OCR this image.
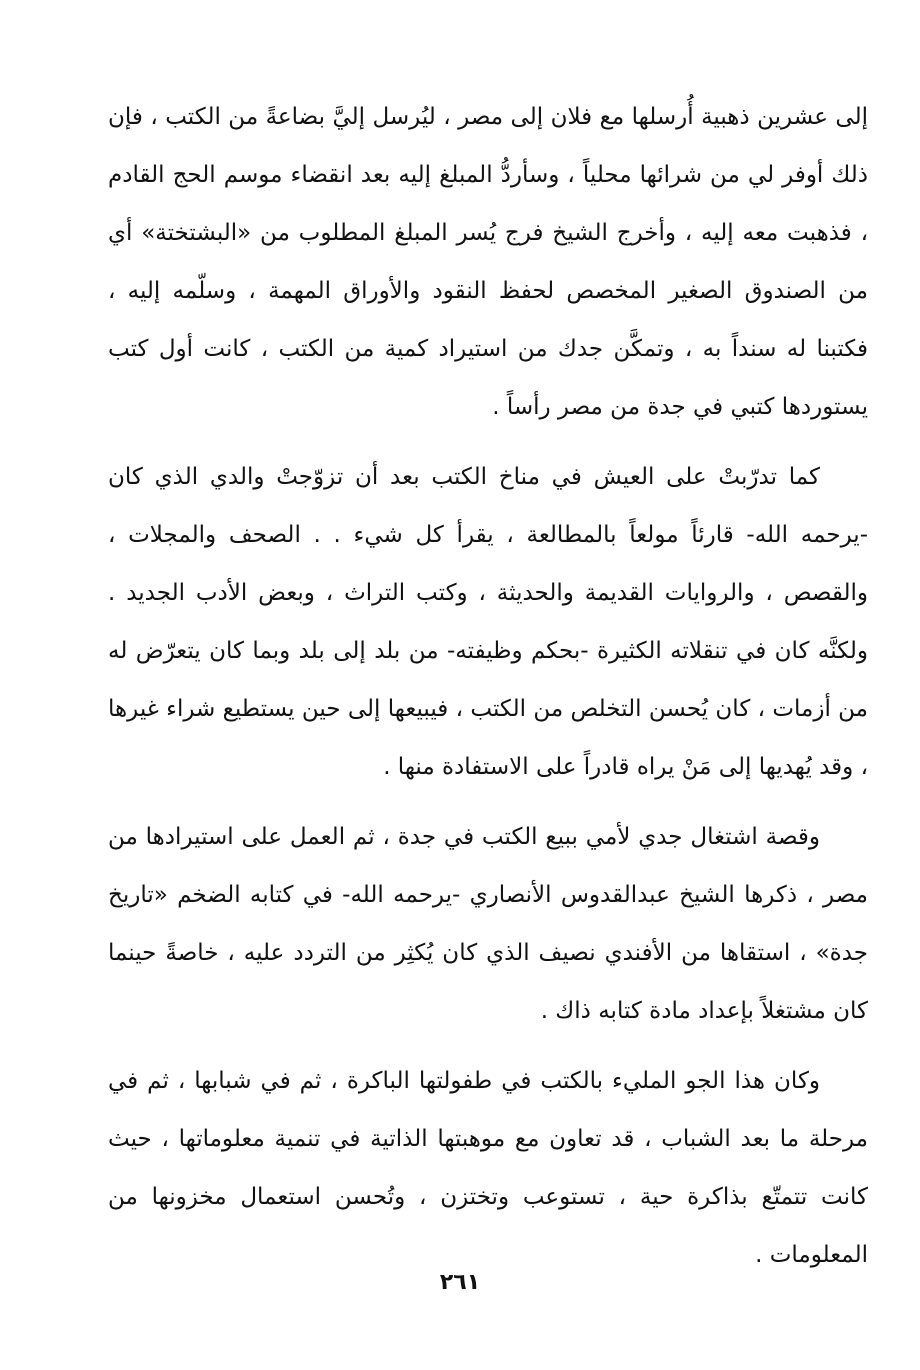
إلى عشرين ذهبية أُرسلها مع فلان إلى مصر ، ليُرسل إليَّ بضاعةً من الكتب ، فإن ذلك أوفر لي من شرائها محلياً ، وسأردُّ المبلغ إليه بعد انقضاء موسم الحج القادم ، فذهبت معه إليه ، وأخرج الشيخ فرج يُسر المبلغ المطلوب من «البشتختة» أي من الصندوق الصغير المخصص لحفظ النقود والأوراق المهمة ، وسلّمه إليه ، فكتبنا له سنداً به ، وتمكَّن جدك من استيراد كمية من الكتب ، كانت أول كتب يستوردها كتبي في جدة من مصر رأساً .

كما تدرّبتْ على العيش في مناخ الكتب بعد أن تزوّجتْ والدي الذي كان -يرحمه الله- قارئاً مولعاً بالمطالعة ، يقرأ كل شيء . . الصحف والمجلات ، والقصص ، والروايات القديمة والحديثة ، وكتب التراث ، وبعض الأدب الجديد . ولكنَّه كان في تنقلاته الكثيرة -بحكم وظيفته- من بلد إلى بلد وبما كان يتعرّض له من أزمات ، كان يُحسن التخلص من الكتب ، فيبيعها إلى حين يستطيع شراء غيرها ، وقد يُهديها إلى مَنْ يراه قادراً على الاستفادة منها .

وقصة اشتغال جدي لأمي ببيع الكتب في جدة ، ثم العمل على استيرادها من مصر ، ذكرها الشيخ عبدالقدوس الأنصاري -يرحمه الله- في كتابه الضخم «تاريخ جدة» ، استقاها من الأفندي نصيف الذي كان يُكثِر من التردد عليه ، خاصةً حينما كان مشتغلاً بإعداد مادة كتابه ذاك .

وكان هذا الجو المليء بالكتب في طفولتها الباكرة ، ثم في شبابها ، ثم في مرحلة ما بعد الشباب ، قد تعاون مع موهبتها الذاتية في تنمية معلوماتها ، حيث كانت تتمتّع بذاكرة حية ، تستوعب وتختزن ، وتُحسن استعمال مخزونها من المعلومات .

٢٦١
